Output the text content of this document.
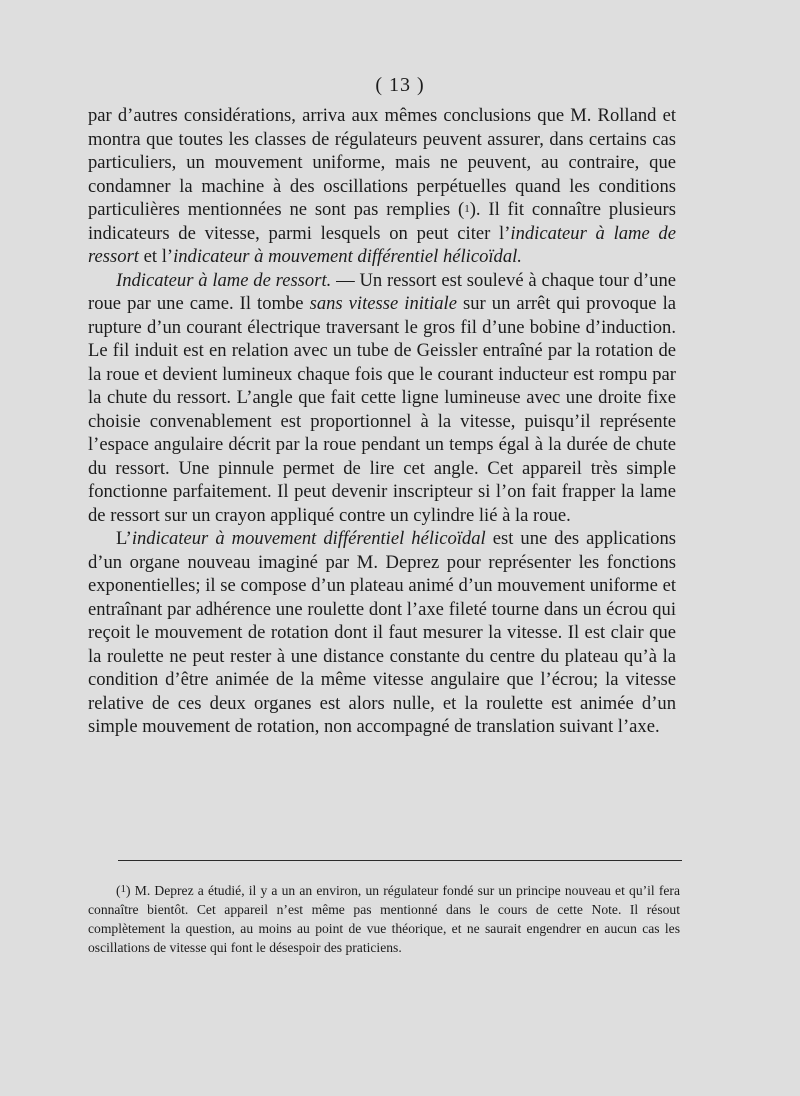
( 13 )

par d’autres considérations, arriva aux mêmes conclusions que M. Rolland et montra que toutes les classes de régulateurs peuvent assurer, dans certains cas particuliers, un mouvement uniforme, mais ne peuvent, au contraire, que condamner la machine à des oscillations perpétuelles quand les conditions particulières mentionnées ne sont pas remplies ($^1$). Il fit connaître plusieurs indicateurs de vitesse, parmi lesquels on peut citer l’indicateur à lame de ressort et l’indicateur à mouvement différentiel hélicoïdal.

Indicateur à lame de ressort. — Un ressort est soulevé à chaque tour d’une roue par une came. Il tombe sans vitesse initiale sur un arrêt qui provoque la rupture d’un courant électrique traversant le gros fil d’une bobine d’induction. Le fil induit est en relation avec un tube de Geissler entraîné par la rotation de la roue et devient lumineux chaque fois que le courant inducteur est rompu par la chute du ressort. L’angle que fait cette ligne lumineuse avec une droite fixe choisie convenablement est proportionnel à la vitesse, puisqu’il représente l’espace angulaire décrit par la roue pendant un temps égal à la durée de chute du ressort. Une pinnule permet de lire cet angle. Cet appareil très simple fonctionne parfaitement. Il peut devenir inscripteur si l’on fait frapper la lame de ressort sur un crayon appliqué contre un cylindre lié à la roue.

L’indicateur à mouvement différentiel hélicoïdal est une des applications d’un organe nouveau imaginé par M. Deprez pour représenter les fonctions exponentielles; il se compose d’un plateau animé d’un mouvement uniforme et entraînant par adhérence une roulette dont l’axe fileté tourne dans un écrou qui reçoit le mouvement de rotation dont il faut mesurer la vitesse. Il est clair que la roulette ne peut rester à une distance constante du centre du plateau qu’à la condition d’être animée de la même vitesse angulaire que l’écrou; la vitesse relative de ces deux organes est alors nulle, et la roulette est animée d’un simple mouvement de rotation, non accompagné de translation suivant l’axe.

($^1$) M. Deprez a étudié, il y a un an environ, un régulateur fondé sur un principe nouveau et qu’il fera connaître bientôt. Cet appareil n’est même pas mentionné dans le cours de cette Note. Il résout complètement la question, au moins au point de vue théorique, et ne saurait engendrer en aucun cas les oscillations de vitesse qui font le désespoir des praticiens.
